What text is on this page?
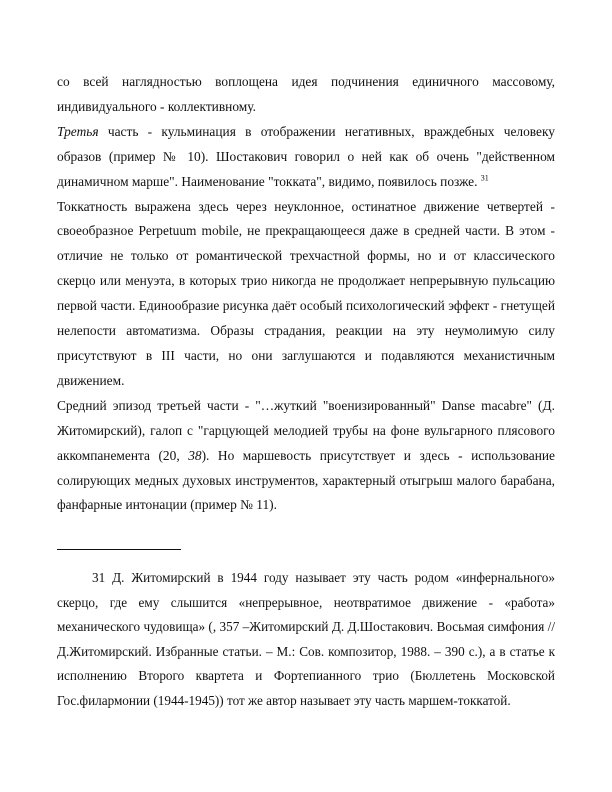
со всей наглядностью воплощена идея подчинения единичного массовому, индивидуального - коллективному.

Третья часть - кульминация в отображении негативных, враждебных человеку образов (пример № 10). Шостакович говорил о ней как об очень "действенном динамичном марше". Наименование "токката", видимо, появилось позже. $^{31}$

Токкатность выражена здесь через неуклонное, остинатное движение четвертей - своеобразное Perpetuum mobile, не прекращающееся даже в средней части. В этом - отличие не только от романтической трехчастной формы, но и от классического скерцо или менуэта, в которых трио никогда не продолжает непрерывную пульсацию первой части. Единообразие рисунка даёт особый психологический эффект - гнетущей нелепости автоматизма. Образы страдания, реакции на эту неумолимую силу присутствуют в III части, но они заглушаются и подавляются механистичным движением.

Средний эпизод третьей части - "…жуткий "военизированный" Danse macabre" (Д. Житомирский), галоп с "гарцующей мелодией трубы на фоне вульгарного плясового аккомпанемента (20, 38). Но маршевость присутствует и здесь - использование солирующих медных духовых инструментов, характерный отыгрыш малого барабана, фанфарные интонации (пример № 11).

31 Д. Житомирский в 1944 году называет эту часть родом «инфернального» скерцо, где ему слышится «непрерывное, неотвратимое движение - «работа» механического чудовища» (, 357 –Житомирский Д. Д.Шостакович. Восьмая симфония // Д.Житомирский. Избранные статьи. – М.: Сов. композитор, 1988. – 390 с.), а в статье к исполнению Второго квартета и Фортепианного трио (Бюллетень Московской Гос.филармонии (1944-1945)) тот же автор называет эту часть маршем-токкатой.
